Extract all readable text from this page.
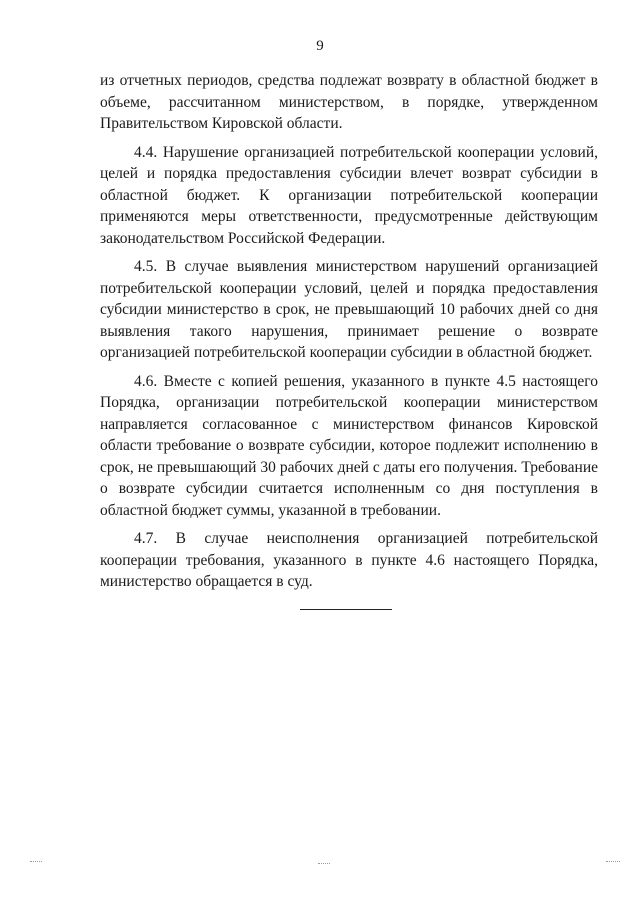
9

из отчетных периодов, средства подлежат возврату в областной бюджет в объеме, рассчитанном министерством, в порядке, утвержденном Правительством Кировской области.

4.4. Нарушение организацией потребительской кооперации условий, целей и порядка предоставления субсидии влечет возврат субсидии в областной бюджет. К организации потребительской кооперации применяются меры ответственности, предусмотренные действующим законодательством Российской Федерации.

4.5. В случае выявления министерством нарушений организацией потребительской кооперации условий, целей и порядка предоставления субсидии министерство в срок, не превышающий 10 рабочих дней со дня выявления такого нарушения, принимает решение о возврате организацией потребительской кооперации субсидии в областной бюджет.

4.6. Вместе с копией решения, указанного в пункте 4.5 настоящего Порядка, организации потребительской кооперации министерством направляется согласованное с министерством финансов Кировской области требование о возврате субсидии, которое подлежит исполнению в срок, не превышающий 30 рабочих дней с даты его получения. Требование о возврате субсидии считается исполненным со дня поступления в областной бюджет суммы, указанной в требовании.

4.7. В случае неисполнения организацией потребительской кооперации требования, указанного в пункте 4.6 настоящего Порядка, министерство обращается в суд.
